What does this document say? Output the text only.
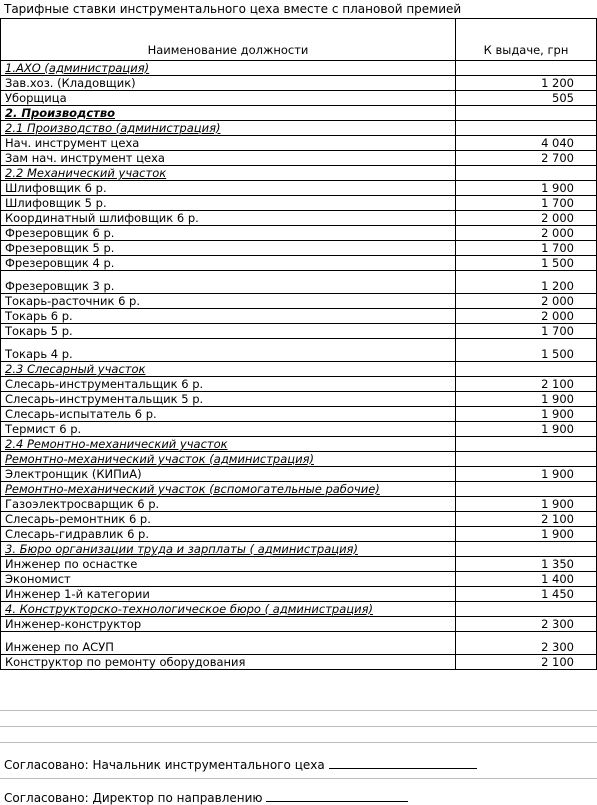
Тарифные ставки инструментального цеха вместе с плановой премией
Наименование должности	К выдаче, грн
1.АХО (администрация)	
Зав.хоз. (Кладовщик)	1 200
Уборщица	505
2. Производство	
2.1 Производство (администрация)	
Нач. инструмент цеха	4 040
Зам нач. инструмент цеха	2 700
2.2 Механический участок	
Шлифовщик 6 р.	1 900
Шлифовщик 5 р.	1 700
Координатный шлифовщик 6 р.	2 000
Фрезеровщик 6 р.	2 000
Фрезеровщик 5 р.	1 700
Фрезеровщик 4 р.	1 500
Фрезеровщик 3 р.	1 200
Токарь-расточник 6 р.	2 000
Токарь 6 р.	2 000
Токарь 5 р.	1 700
Токарь 4 р.	1 500
2.3 Слесарный участок	
Слесарь-инструментальщик 6 р.	2 100
Слесарь-инструментальщик 5 р.	1 900
Слесарь-испытатель 6 р.	1 900
Термист 6 р.	1 900
2.4 Ремонтно-механический участок	
Ремонтно-механический участок (администрация)	
Электронщик (КИПиА)	1 900
Ремонтно-механический участок (вспомогательные рабочие)	
Газоэлектросварщик 6 р.	1 900
Слесарь-ремонтник 6 р.	2 100
Слесарь-гидравлик 6 р.	1 900
3. Бюро организации труда и зарплаты ( администрация)	
Инженер по оснастке	1 350
Экономист	1 400
Инженер 1-й категории	1 450
4. Конструкторско-технологическое бюро ( администрация)	
Инженер-конструктор	2 300
Инженер по АСУП	2 300
Конструктор по ремонту оборудования	2 100
Согласовано: Начальник инструментального цеха
Согласовано: Директор по направлению
